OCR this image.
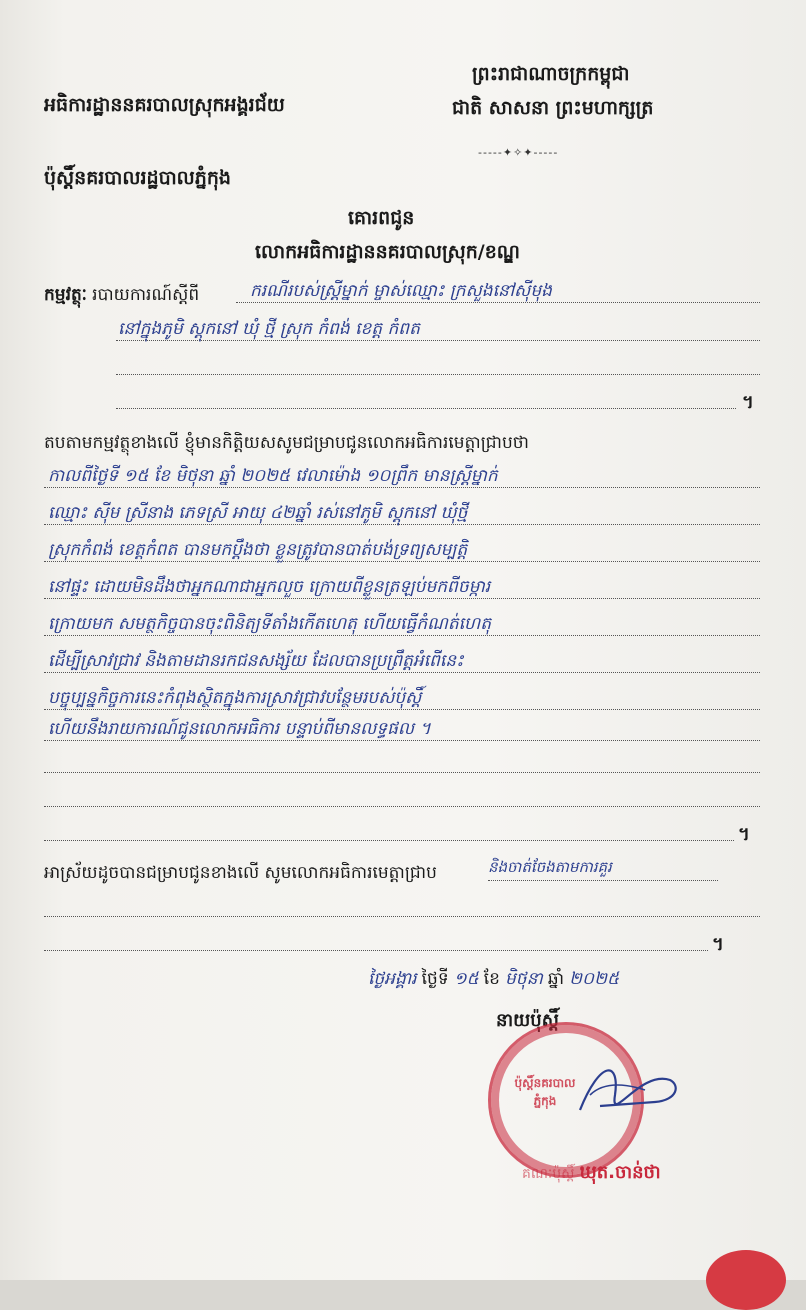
ព្រះរាជាណាចក្រកម្ពុជា
ជាតិ សាសនា ព្រះមហាក្សត្រ
-----✦✧✦-----
អធិការដ្ឋាននគរបាលស្រុកអង្គរជ័យ
ប៉ុស្តិ៍នគរបាលរដ្ឋបាលភ្នំកុង
គោរពជូន
លោកអធិការដ្ឋាននគរបាលស្រុក/ខណ្ឌ
កម្មវត្ថុៈ របាយការណ៍ស្តីពី	ករណីរបស់ស្ដ្រីម្នាក់ ម្ចាស់ឈ្មោះ ក្រសួងនៅស៊ីមុង
នៅក្នុងភូមិ ស្តុកនៅ ឃុំ ថ្មី ស្រុក កំពង់ ខេត្ត កំពត
។
តបតាមកម្មវត្ថុខាងលើ ខ្ញុំមានកិត្តិយសសូមជម្រាបជូនលោកអធិការមេត្តាជ្រាបថា
កាលពីថ្ងៃទី ១៥ ខែ មិថុនា ឆ្នាំ ២០២៥ វេលាម៉ោង ១០ព្រឹក មានស្រ្តីម្នាក់
ឈ្មោះ ស៊ីម ស្រីនាង ភេទស្រី អាយុ ៤២ឆ្នាំ រស់នៅភូមិ ស្តុកនៅ ឃុំថ្មី
ស្រុកកំពង់ ខេត្តកំពត បានមកប្ដឹងថា ខ្លួនត្រូវបានបាត់បង់ទ្រព្យសម្បត្តិ
នៅផ្ទះ ដោយមិនដឹងថាអ្នកណាជាអ្នកលួច ក្រោយពីខ្លួនត្រឡប់មកពីចម្ការ
ក្រោយមក សមត្ថកិច្ចបានចុះពិនិត្យទីតាំងកើតហេតុ ហើយធ្វើកំណត់ហេតុ
ដើម្បីស្រាវជ្រាវ និងតាមដានរកជនសង្ស័យ ដែលបានប្រព្រឹត្តអំពើនេះ
បច្ចុប្បន្នកិច្ចការនេះកំពុងស្ថិតក្នុងការស្រាវជ្រាវបន្ថែមរបស់ប៉ុស្តិ៍
ហើយនឹងរាយការណ៍ជូនលោកអធិការ បន្ទាប់ពីមានលទ្ធផល ។
។
អាស្រ័យដូចបានជម្រាបជូនខាងលើ សូមលោកអធិការមេត្តាជ្រាប	និងចាត់ចែងតាមការគួរ
។
ថ្ងៃអង្គារ ថ្ងៃទី ១៥ ខែ មិថុនា ឆ្នាំ ២០២៥
នាយប៉ុស្តិ៍
ប៉ុស្តិ៍នគរបាល ភ្នំកុង
គណៈប៉ុស្តិ៍ ឃុត.ចាន់ថា
